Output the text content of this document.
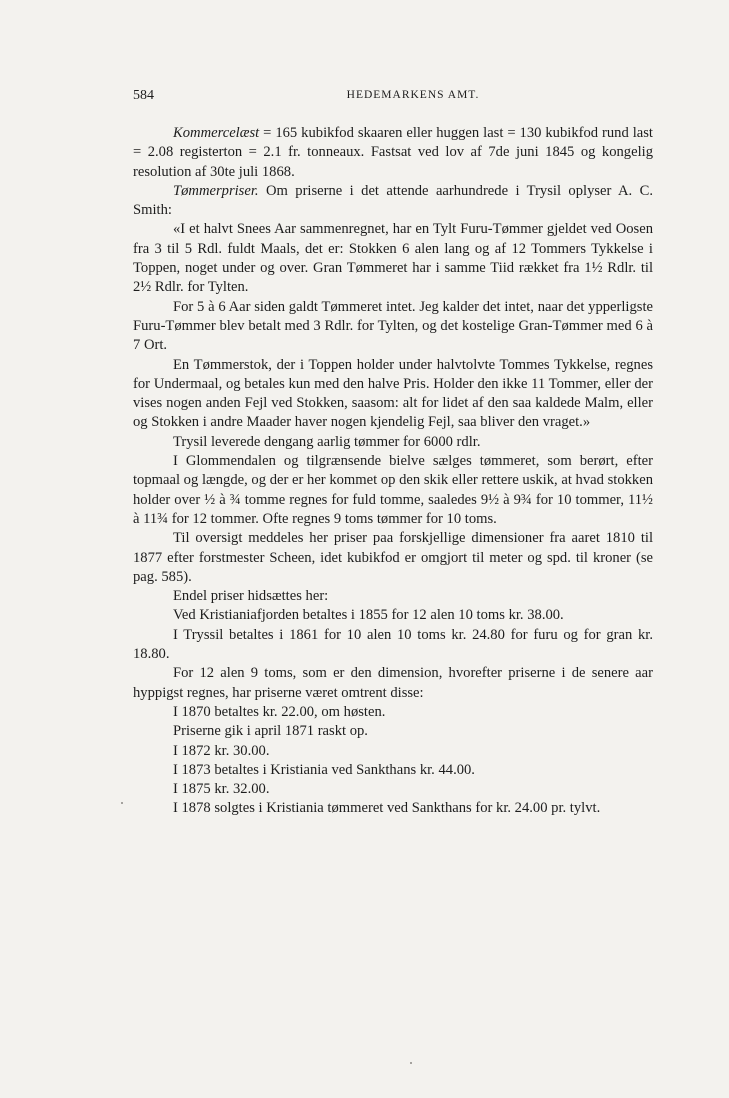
584	HEDEMARKENS AMT.

Kommercelæst = 165 kubikfod skaaren eller huggen last = 130 kubikfod rund last = 2.08 registerton = 2.1 fr. tonneaux. Fastsat ved lov af 7de juni 1845 og kongelig resolution af 30te juli 1868.

Tømmerpriser. Om priserne i det attende aarhundrede i Trysil oplyser A. C. Smith:

«I et halvt Snees Aar sammenregnet, har en Tylt Furu-Tømmer gjeldet ved Oosen fra 3 til 5 Rdl. fuldt Maals, det er: Stokken 6 alen lang og af 12 Tommers Tykkelse i Toppen, noget under og over. Gran Tømmeret har i samme Tiid rækket fra 1½ Rdlr. til 2½ Rdlr. for Tylten.

For 5 à 6 Aar siden galdt Tømmeret intet. Jeg kalder det intet, naar det ypperligste Furu-Tømmer blev betalt med 3 Rdlr. for Tylten, og det kostelige Gran-Tømmer med 6 à 7 Ort.

En Tømmerstok, der i Toppen holder under halvtolvte Tommes Tykkelse, regnes for Undermaal, og betales kun med den halve Pris. Holder den ikke 11 Tommer, eller der vises nogen anden Fejl ved Stokken, saasom: alt for lidet af den saa kaldede Malm, eller og Stokken i andre Maader haver nogen kjendelig Fejl, saa bliver den vraget.»

Trysil leverede dengang aarlig tømmer for 6000 rdlr.

I Glommendalen og tilgrænsende bielve sælges tømmeret, som berørt, efter topmaal og længde, og der er her kommet op den skik eller rettere uskik, at hvad stokken holder over ½ à ¾ tomme regnes for fuld tomme, saaledes 9½ à 9¾ for 10 tommer, 11½ à 11¾ for 12 tommer. Ofte regnes 9 toms tømmer for 10 toms.

Til oversigt meddeles her priser paa forskjellige dimensioner fra aaret 1810 til 1877 efter forstmester Scheen, idet kubikfod er omgjort til meter og spd. til kroner (se pag. 585).

Endel priser hidsættes her:

Ved Kristianiafjorden betaltes i 1855 for 12 alen 10 toms kr. 38.00.

I Tryssil betaltes i 1861 for 10 alen 10 toms kr. 24.80 for furu og for gran kr. 18.80.

For 12 alen 9 toms, som er den dimension, hvorefter priserne i de senere aar hyppigst regnes, har priserne været omtrent disse:

I 1870 betaltes kr. 22.00, om høsten.

Priserne gik i april 1871 raskt op.

I 1872 kr. 30.00.

I 1873 betaltes i Kristiania ved Sankthans kr. 44.00.

I 1875 kr. 32.00.

I 1878 solgtes i Kristiania tømmeret ved Sankthans for kr. 24.00 pr. tylvt.
